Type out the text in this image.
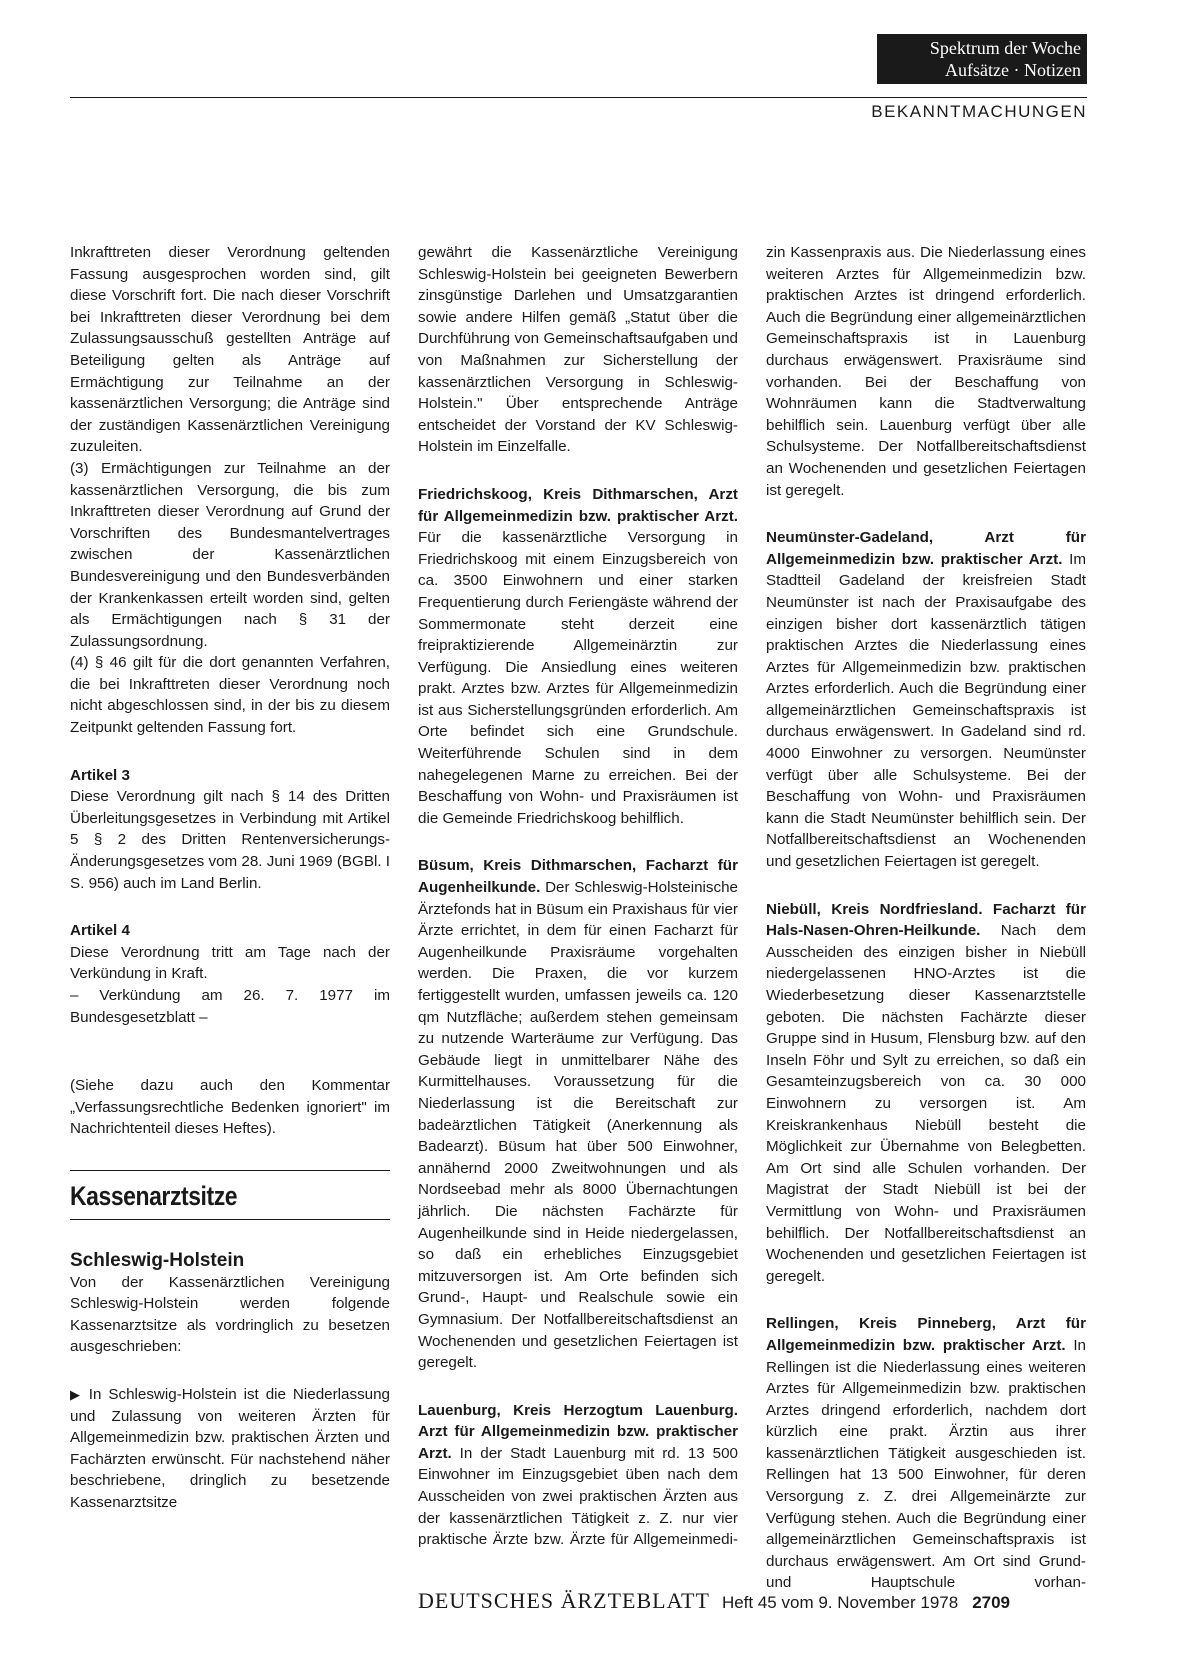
Spektrum der Woche
Aufsätze · Notizen
BEKANNTMACHUNGEN

Inkrafttreten dieser Verordnung geltenden Fassung ausgesprochen worden sind, gilt diese Vorschrift fort. Die nach dieser Vorschrift bei Inkrafttreten dieser Verordnung bei dem Zulassungsausschuß gestellten Anträge auf Beteiligung gelten als Anträge auf Ermächtigung zur Teilnahme an der kassenärztlichen Versorgung; die Anträge sind der zuständigen Kassenärztlichen Vereinigung zuzuleiten.

(3) Ermächtigungen zur Teilnahme an der kassenärztlichen Versorgung, die bis zum Inkrafttreten dieser Verordnung auf Grund der Vorschriften des Bundesmantelvertrages zwischen der Kassenärztlichen Bundesvereinigung und den Bundesverbänden der Krankenkassen erteilt worden sind, gelten als Ermächtigungen nach § 31 der Zulassungsordnung.

(4) § 46 gilt für die dort genannten Verfahren, die bei Inkrafttreten dieser Verordnung noch nicht abgeschlossen sind, in der bis zu diesem Zeitpunkt geltenden Fassung fort.

Artikel 3

Diese Verordnung gilt nach § 14 des Dritten Überleitungsgesetzes in Verbindung mit Artikel 5 § 2 des Dritten Rentenversicherungs-Änderungsgesetzes vom 28. Juni 1969 (BGBl. I S. 956) auch im Land Berlin.

Artikel 4

Diese Verordnung tritt am Tage nach der Verkündung in Kraft.

– Verkündung am 26. 7. 1977 im Bundesgesetzblatt –

(Siehe dazu auch den Kommentar „Verfassungsrechtliche Bedenken ignoriert" im Nachrichtenteil dieses Heftes).

Kassenarztsitze

Schleswig-Holstein

Von der Kassenärztlichen Vereinigung Schleswig-Holstein werden folgende Kassenarztsitze als vordringlich zu besetzen ausgeschrieben:

▶ In Schleswig-Holstein ist die Niederlassung und Zulassung von weiteren Ärzten für Allgemeinmedizin bzw. praktischen Ärzten und Fachärzten erwünscht. Für nachstehend näher beschriebene, dringlich zu besetzende Kassenarztsitze

gewährt die Kassenärztliche Vereinigung Schleswig-Holstein bei geeigneten Bewerbern zinsgünstige Darlehen und Umsatzgarantien sowie andere Hilfen gemäß „Statut über die Durchführung von Gemeinschaftsaufgaben und von Maßnahmen zur Sicherstellung der kassenärztlichen Versorgung in Schleswig-Holstein." Über entsprechende Anträge entscheidet der Vorstand der KV Schleswig-Holstein im Einzelfalle.

Friedrichskoog, Kreis Dithmarschen, Arzt für Allgemeinmedizin bzw. praktischer Arzt. Für die kassenärztliche Versorgung in Friedrichskoog mit einem Einzugsbereich von ca. 3500 Einwohnern und einer starken Frequentierung durch Feriengäste während der Sommermonate steht derzeit eine freipraktizierende Allgemeinärztin zur Verfügung. Die Ansiedlung eines weiteren prakt. Arztes bzw. Arztes für Allgemeinmedizin ist aus Sicherstellungsgründen erforderlich. Am Orte befindet sich eine Grundschule. Weiterführende Schulen sind in dem nahegelegenen Marne zu erreichen. Bei der Beschaffung von Wohn- und Praxisräumen ist die Gemeinde Friedrichskoog behilflich.

Büsum, Kreis Dithmarschen, Facharzt für Augenheilkunde. Der Schleswig-Holsteinische Ärztefonds hat in Büsum ein Praxishaus für vier Ärzte errichtet, in dem für einen Facharzt für Augenheilkunde Praxisräume vorgehalten werden. Die Praxen, die vor kurzem fertiggestellt wurden, umfassen jeweils ca. 120 qm Nutzfläche; außerdem stehen gemeinsam zu nutzende Warteräume zur Verfügung. Das Gebäude liegt in unmittelbarer Nähe des Kurmittelhauses. Voraussetzung für die Niederlassung ist die Bereitschaft zur badeärztlichen Tätigkeit (Anerkennung als Badearzt). Büsum hat über 500 Einwohner, annähernd 2000 Zweitwohnungen und als Nordseebad mehr als 8000 Übernachtungen jährlich. Die nächsten Fachärzte für Augenheilkunde sind in Heide niedergelassen, so daß ein erhebliches Einzugsgebiet mitzuversorgen ist. Am Orte befinden sich Grund-, Haupt- und Realschule sowie ein Gymnasium. Der Notfallbereitschaftsdienst an Wochenenden und gesetzlichen Feiertagen ist geregelt.

Lauenburg, Kreis Herzogtum Lauenburg. Arzt für Allgemeinmedizin bzw. praktischer Arzt. In der Stadt Lauenburg mit rd. 13 500 Einwohner im Einzugsgebiet üben nach dem Ausscheiden von zwei praktischen Ärzten aus der kassenärztlichen Tätigkeit z. Z. nur vier praktische Ärzte bzw. Ärzte für Allgemeinmedi-

zin Kassenpraxis aus. Die Niederlassung eines weiteren Arztes für Allgemeinmedizin bzw. praktischen Arztes ist dringend erforderlich. Auch die Begründung einer allgemeinärztlichen Gemeinschaftspraxis ist in Lauenburg durchaus erwägenswert. Praxisräume sind vorhanden. Bei der Beschaffung von Wohnräumen kann die Stadtverwaltung behilflich sein. Lauenburg verfügt über alle Schulsysteme. Der Notfallbereitschaftsdienst an Wochenenden und gesetzlichen Feiertagen ist geregelt.

Neumünster-Gadeland, Arzt für Allgemeinmedizin bzw. praktischer Arzt. Im Stadtteil Gadeland der kreisfreien Stadt Neumünster ist nach der Praxisaufgabe des einzigen bisher dort kassenärztlich tätigen praktischen Arztes die Niederlassung eines Arztes für Allgemeinmedizin bzw. praktischen Arztes erforderlich. Auch die Begründung einer allgemeinärztlichen Gemeinschaftspraxis ist durchaus erwägenswert. In Gadeland sind rd. 4000 Einwohner zu versorgen. Neumünster verfügt über alle Schulsysteme. Bei der Beschaffung von Wohn- und Praxisräumen kann die Stadt Neumünster behilflich sein. Der Notfallbereitschaftsdienst an Wochenenden und gesetzlichen Feiertagen ist geregelt.

Niebüll, Kreis Nordfriesland. Facharzt für Hals-Nasen-Ohren-Heilkunde. Nach dem Ausscheiden des einzigen bisher in Niebüll niedergelassenen HNO-Arztes ist die Wiederbesetzung dieser Kassenarztstelle geboten. Die nächsten Fachärzte dieser Gruppe sind in Husum, Flensburg bzw. auf den Inseln Föhr und Sylt zu erreichen, so daß ein Gesamteinzugsbereich von ca. 30 000 Einwohnern zu versorgen ist. Am Kreiskrankenhaus Niebüll besteht die Möglichkeit zur Übernahme von Belegbetten. Am Ort sind alle Schulen vorhanden. Der Magistrat der Stadt Niebüll ist bei der Vermittlung von Wohn- und Praxisräumen behilflich. Der Notfallbereitschaftsdienst an Wochenenden und gesetzlichen Feiertagen ist geregelt.

Rellingen, Kreis Pinneberg, Arzt für Allgemeinmedizin bzw. praktischer Arzt. In Rellingen ist die Niederlassung eines weiteren Arztes für Allgemeinmedizin bzw. praktischen Arztes dringend erforderlich, nachdem dort kürzlich eine prakt. Ärztin aus ihrer kassenärztlichen Tätigkeit ausgeschieden ist. Rellingen hat 13 500 Einwohner, für deren Versorgung z. Z. drei Allgemeinärzte zur Verfügung stehen. Auch die Begründung einer allgemeinärztlichen Gemeinschaftspraxis ist durchaus erwägenswert. Am Ort sind Grund- und Hauptschule vorhan-

DEUTSCHES ÄRZTEBLATT Heft 45 vom 9. November 1978 2709
